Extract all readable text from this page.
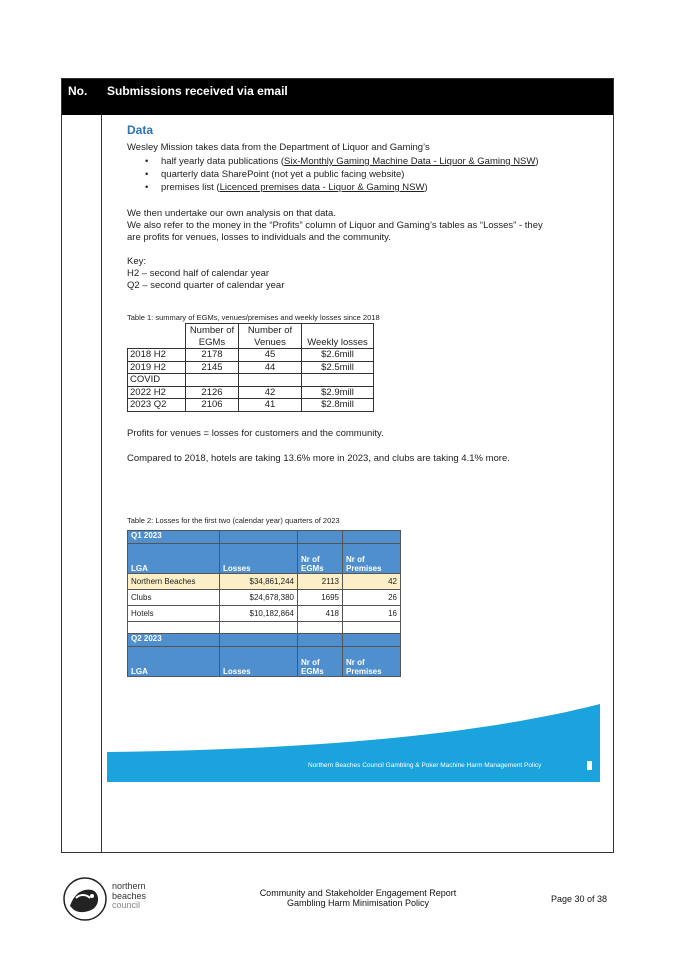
No. Submissions received via email
Data
Wesley Mission takes data from the Department of Liquor and Gaming’s
• half yearly data publications (Six-Monthly Gaming Machine Data - Liquor & Gaming NSW)
• quarterly data SharePoint (not yet a public facing website)
• premises list (Licenced premises data - Liquor & Gaming NSW)
We then undertake our own analysis on that data.
We also refer to the money in the “Profits” column of Liquor and Gaming’s tables as “Losses” - they
are profits for venues, losses to individuals and the community.
Key:
H2 – second half of calendar year
Q2 – second quarter of calendar year
Table 1: summary of EGMs, venues/premises and weekly losses since 2018
	Number of EGMs	Number of Venues	Weekly losses
2018 H2	2178	45	$2.6mill
2019 H2	2145	44	$2.5mill
COVID			
2022 H2	2126	42	$2.9mill
2023 Q2	2106	41	$2.8mill
Profits for venues = losses for customers and the community.
Compared to 2018, hotels are taking 13.6% more in 2023, and clubs are taking 4.1% more.
Table 2: Losses for the first two (calendar year) quarters of 2023
Q1 2023			
LGA	Losses	Nr of EGMs	Nr of Premises
Northern Beaches	$34,861,244	2113	42
Clubs	$24,678,380	1695	26
Hotels	$10,182,864	418	16

Q2 2023			
LGA	Losses	Nr of EGMs	Nr of Premises
Northern Beaches Council Gambling & Poker Machine Harm Management Policy
northern
beaches
council
Community and Stakeholder Engagement Report
Gambling Harm Minimisation Policy	Page 30 of 38
